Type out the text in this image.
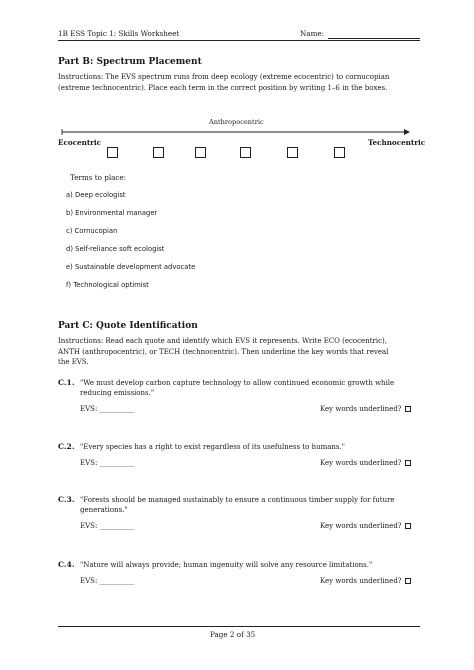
1B ESS Topic 1: Skills Worksheet	Name:
Part B: Spectrum Placement
Instructions: The EVS spectrum runs from deep ecology (extreme ecocentric) to cornucopian
(extreme technocentric). Place each term in the correct position by writing 1–6 in the boxes.
Anthropocentric
Ecocentric	Technocentric
Terms to place:
a) Deep ecologist
b) Environmental manager
c) Cornucopian
d) Self-reliance soft ecologist
e) Sustainable development advocate
f) Technological optimist
Part C: Quote Identification
Instructions: Read each quote and identify which EVS it represents. Write ECO (ecocentric),
ANTH (anthropocentric), or TECH (technocentric). Then underline the key words that reveal
the EVS.
C.1. "We must develop carbon capture technology to allow continued economic growth while
reducing emissions."
EVS: __________	Key words underlined?
C.2. "Every species has a right to exist regardless of its usefulness to humans."
EVS: __________	Key words underlined?
C.3. "Forests should be managed sustainably to ensure a continuous timber supply for future
generations."
EVS: __________	Key words underlined?
C.4. "Nature will always provide; human ingenuity will solve any resource limitations."
EVS: __________	Key words underlined?
Page 2 of 35
